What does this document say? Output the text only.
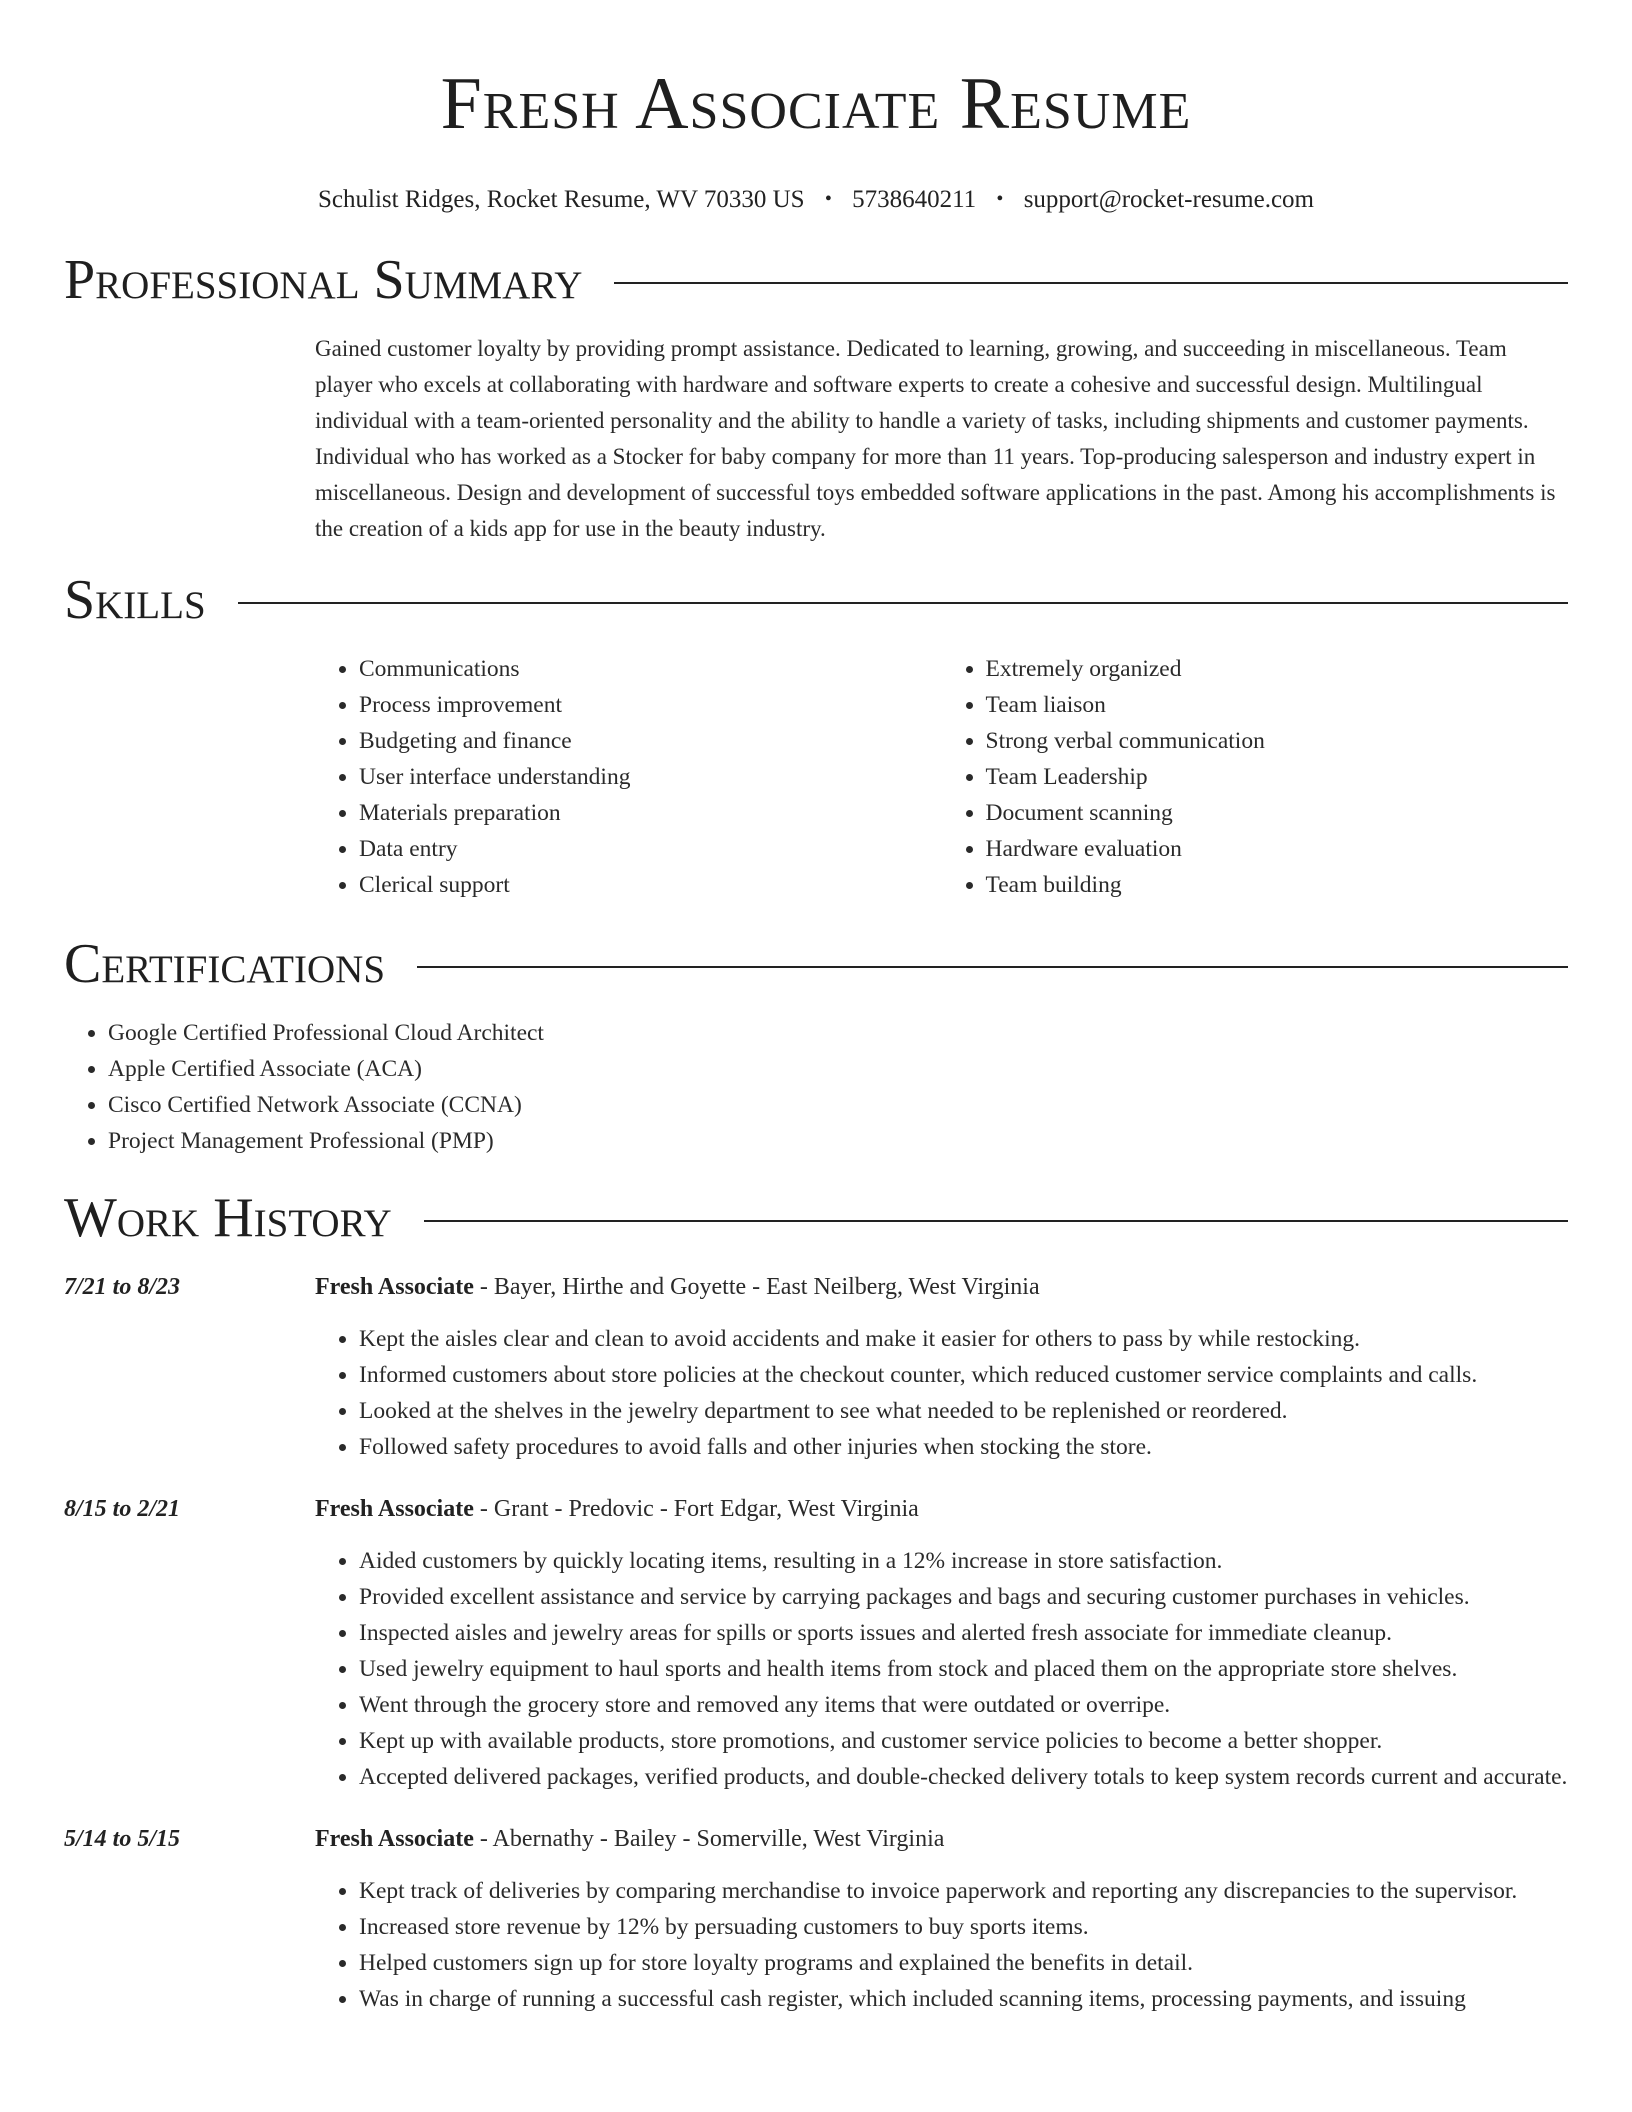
Fresh Associate Resume
Schulist Ridges, Rocket Resume, WV 70330 US • 5738640211 • support@rocket-resume.com
Professional Summary

Gained customer loyalty by providing prompt assistance. Dedicated to learning, growing, and succeeding in miscellaneous. Team player who excels at collaborating with hardware and software experts to create a cohesive and successful design. Multilingual individual with a team-oriented personality and the ability to handle a variety of tasks, including shipments and customer payments. Individual who has worked as a Stocker for baby company for more than 11 years. Top-producing salesperson and industry expert in miscellaneous. Design and development of successful toys embedded software applications in the past. Among his accomplishments is the creation of a kids app for use in the beauty industry.

Skills
• Communications
• Process improvement
• Budgeting and finance
• User interface understanding
• Materials preparation
• Data entry
• Clerical support
• Extremely organized
• Team liaison
• Strong verbal communication
• Team Leadership
• Document scanning
• Hardware evaluation
• Team building
Certifications
• Google Certified Professional Cloud Architect
• Apple Certified Associate (ACA)
• Cisco Certified Network Associate (CCNA)
• Project Management Professional (PMP)
Work History
7/21 to 8/23	Fresh Associate - Bayer, Hirthe and Goyette - East Neilberg, West Virginia
• Kept the aisles clear and clean to avoid accidents and make it easier for others to pass by while restocking.
• Informed customers about store policies at the checkout counter, which reduced customer service complaints and calls.
• Looked at the shelves in the jewelry department to see what needed to be replenished or reordered.
• Followed safety procedures to avoid falls and other injuries when stocking the store.
8/15 to 2/21	Fresh Associate - Grant - Predovic - Fort Edgar, West Virginia
• Aided customers by quickly locating items, resulting in a 12% increase in store satisfaction.
• Provided excellent assistance and service by carrying packages and bags and securing customer purchases in vehicles.
• Inspected aisles and jewelry areas for spills or sports issues and alerted fresh associate for immediate cleanup.
• Used jewelry equipment to haul sports and health items from stock and placed them on the appropriate store shelves.
• Went through the grocery store and removed any items that were outdated or overripe.
• Kept up with available products, store promotions, and customer service policies to become a better shopper.
• Accepted delivered packages, verified products, and double-checked delivery totals to keep system records current and accurate.
5/14 to 5/15	Fresh Associate - Abernathy - Bailey - Somerville, West Virginia
• Kept track of deliveries by comparing merchandise to invoice paperwork and reporting any discrepancies to the supervisor.
• Increased store revenue by 12% by persuading customers to buy sports items.
• Helped customers sign up for store loyalty programs and explained the benefits in detail.
• Was in charge of running a successful cash register, which included scanning items, processing payments, and issuing
